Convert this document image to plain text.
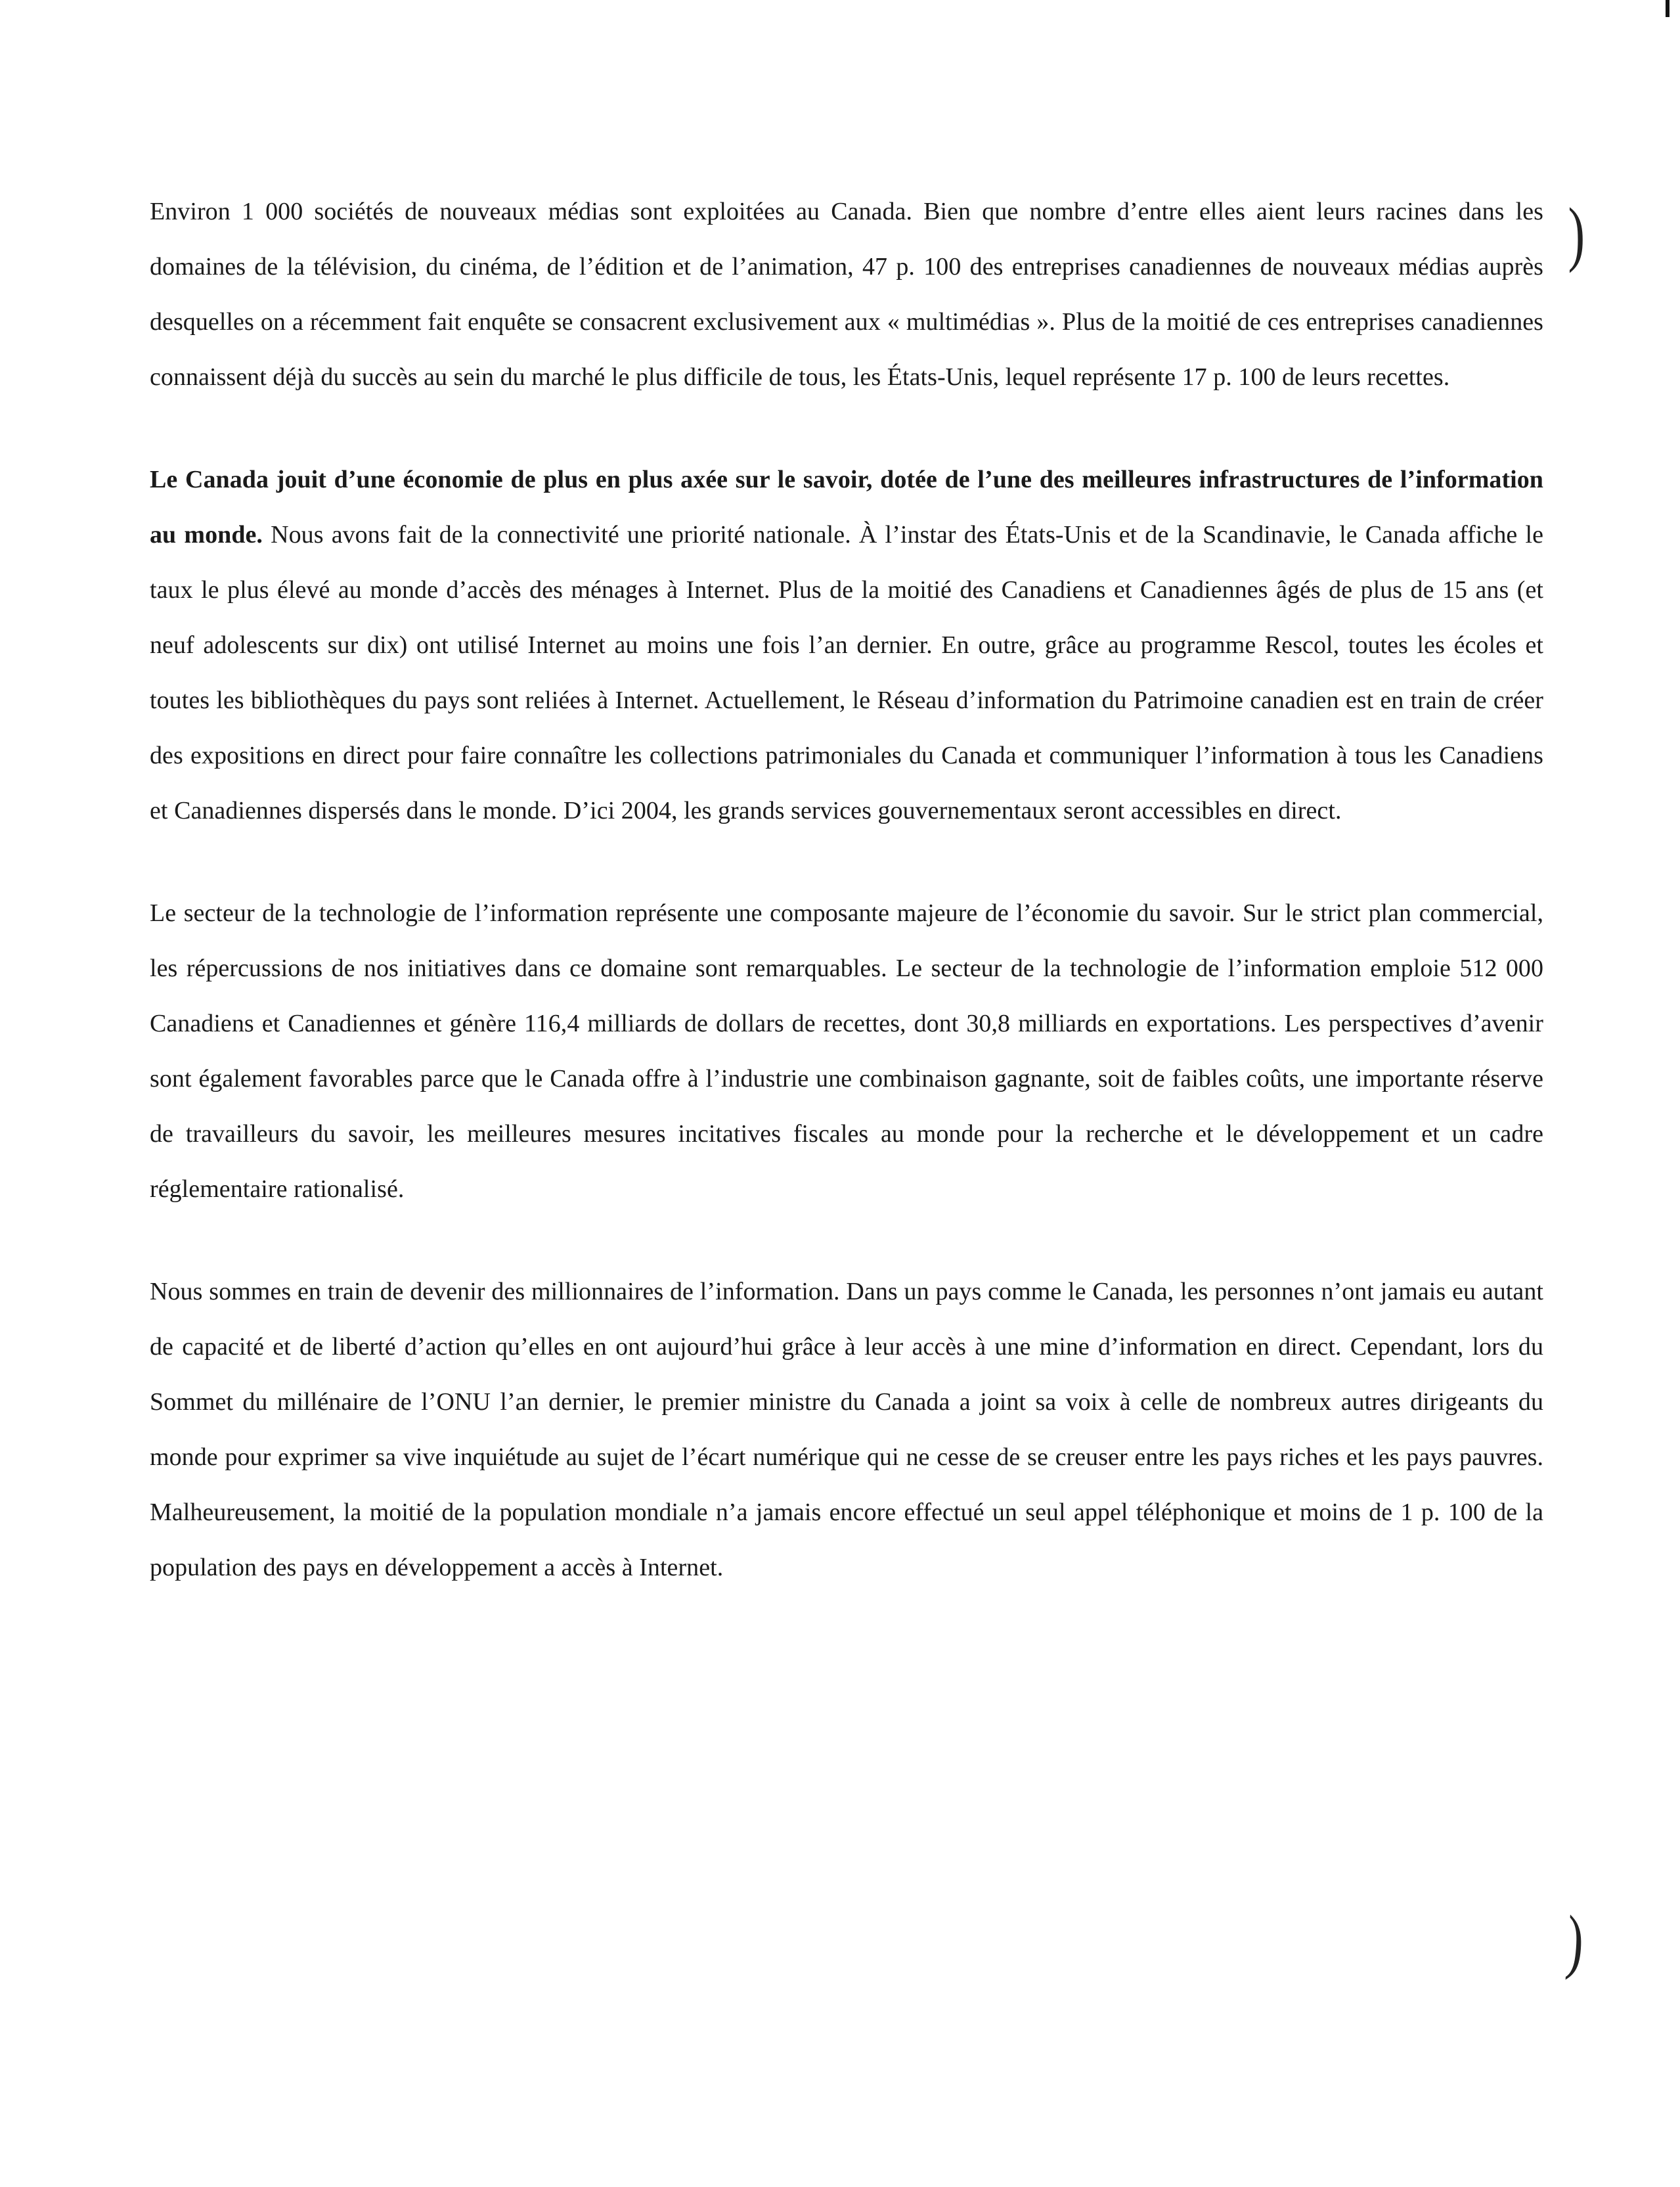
Environ 1 000 sociétés de nouveaux médias sont exploitées au Canada. Bien que nombre d’entre elles aient leurs racines dans les domaines de la télévision, du cinéma, de l’édition et de l’animation, 47 p. 100 des entreprises canadiennes de nouveaux médias auprès desquelles on a récemment fait enquête se consacrent exclusivement aux « multimédias ». Plus de la moitié de ces entreprises canadiennes connaissent déjà du succès au sein du marché le plus difficile de tous, les États-Unis, lequel représente 17 p. 100 de leurs recettes.

Le Canada jouit d’une économie de plus en plus axée sur le savoir, dotée de l’une des meilleures infrastructures de l’information au monde. Nous avons fait de la connectivité une priorité nationale. À l’instar des États-Unis et de la Scandinavie, le Canada affiche le taux le plus élevé au monde d’accès des ménages à Internet. Plus de la moitié des Canadiens et Canadiennes âgés de plus de 15 ans (et neuf adolescents sur dix) ont utilisé Internet au moins une fois l’an dernier. En outre, grâce au programme Rescol, toutes les écoles et toutes les bibliothèques du pays sont reliées à Internet. Actuellement, le Réseau d’information du Patrimoine canadien est en train de créer des expositions en direct pour faire connaître les collections patrimoniales du Canada et communiquer l’information à tous les Canadiens et Canadiennes dispersés dans le monde. D’ici 2004, les grands services gouvernementaux seront accessibles en direct.

Le secteur de la technologie de l’information représente une composante majeure de l’économie du savoir. Sur le strict plan commercial, les répercussions de nos initiatives dans ce domaine sont remarquables. Le secteur de la technologie de l’information emploie 512 000 Canadiens et Canadiennes et génère 116,4 milliards de dollars de recettes, dont 30,8 milliards en exportations. Les perspectives d’avenir sont également favorables parce que le Canada offre à l’industrie une combinaison gagnante, soit de faibles coûts, une importante réserve de travailleurs du savoir, les meilleures mesures incitatives fiscales au monde pour la recherche et le développement et un cadre réglementaire rationalisé.

Nous sommes en train de devenir des millionnaires de l’information. Dans un pays comme le Canada, les personnes n’ont jamais eu autant de capacité et de liberté d’action qu’elles en ont aujourd’hui grâce à leur accès à une mine d’information en direct. Cependant, lors du Sommet du millénaire de l’ONU l’an dernier, le premier ministre du Canada a joint sa voix à celle de nombreux autres dirigeants du monde pour exprimer sa vive inquiétude au sujet de l’écart numérique qui ne cesse de se creuser entre les pays riches et les pays pauvres. Malheureusement, la moitié de la population mondiale n’a jamais encore effectué un seul appel téléphonique et moins de 1 p. 100 de la population des pays en développement a accès à Internet.

)
)
